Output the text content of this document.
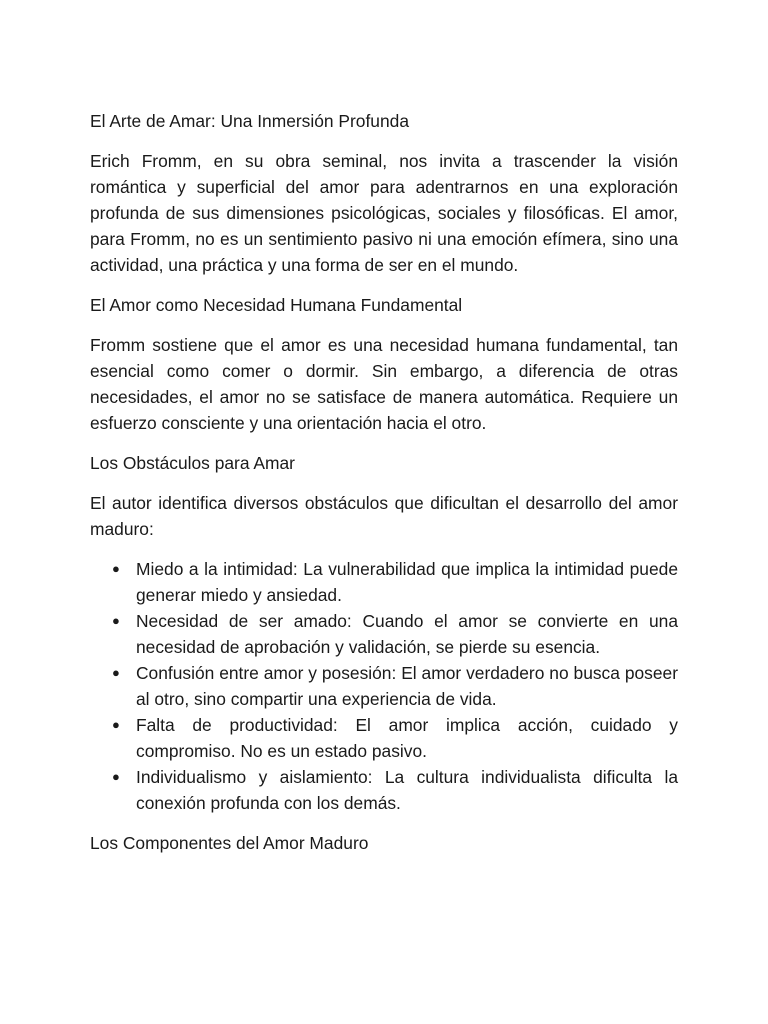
El Arte de Amar: Una Inmersión Profunda

Erich Fromm, en su obra seminal, nos invita a trascender la visión romántica y superficial del amor para adentrarnos en una exploración profunda de sus dimensiones psicológicas, sociales y filosóficas. El amor, para Fromm, no es un sentimiento pasivo ni una emoción efímera, sino una actividad, una práctica y una forma de ser en el mundo.

El Amor como Necesidad Humana Fundamental

Fromm sostiene que el amor es una necesidad humana fundamental, tan esencial como comer o dormir. Sin embargo, a diferencia de otras necesidades, el amor no se satisface de manera automática. Requiere un esfuerzo consciente y una orientación hacia el otro.

Los Obstáculos para Amar

El autor identifica diversos obstáculos que dificultan el desarrollo del amor maduro:

● Miedo a la intimidad: La vulnerabilidad que implica la intimidad puede generar miedo y ansiedad.
● Necesidad de ser amado: Cuando el amor se convierte en una necesidad de aprobación y validación, se pierde su esencia.
● Confusión entre amor y posesión: El amor verdadero no busca poseer al otro, sino compartir una experiencia de vida.
● Falta de productividad: El amor implica acción, cuidado y compromiso. No es un estado pasivo.
● Individualismo y aislamiento: La cultura individualista dificulta la conexión profunda con los demás.
Los Componentes del Amor Maduro
